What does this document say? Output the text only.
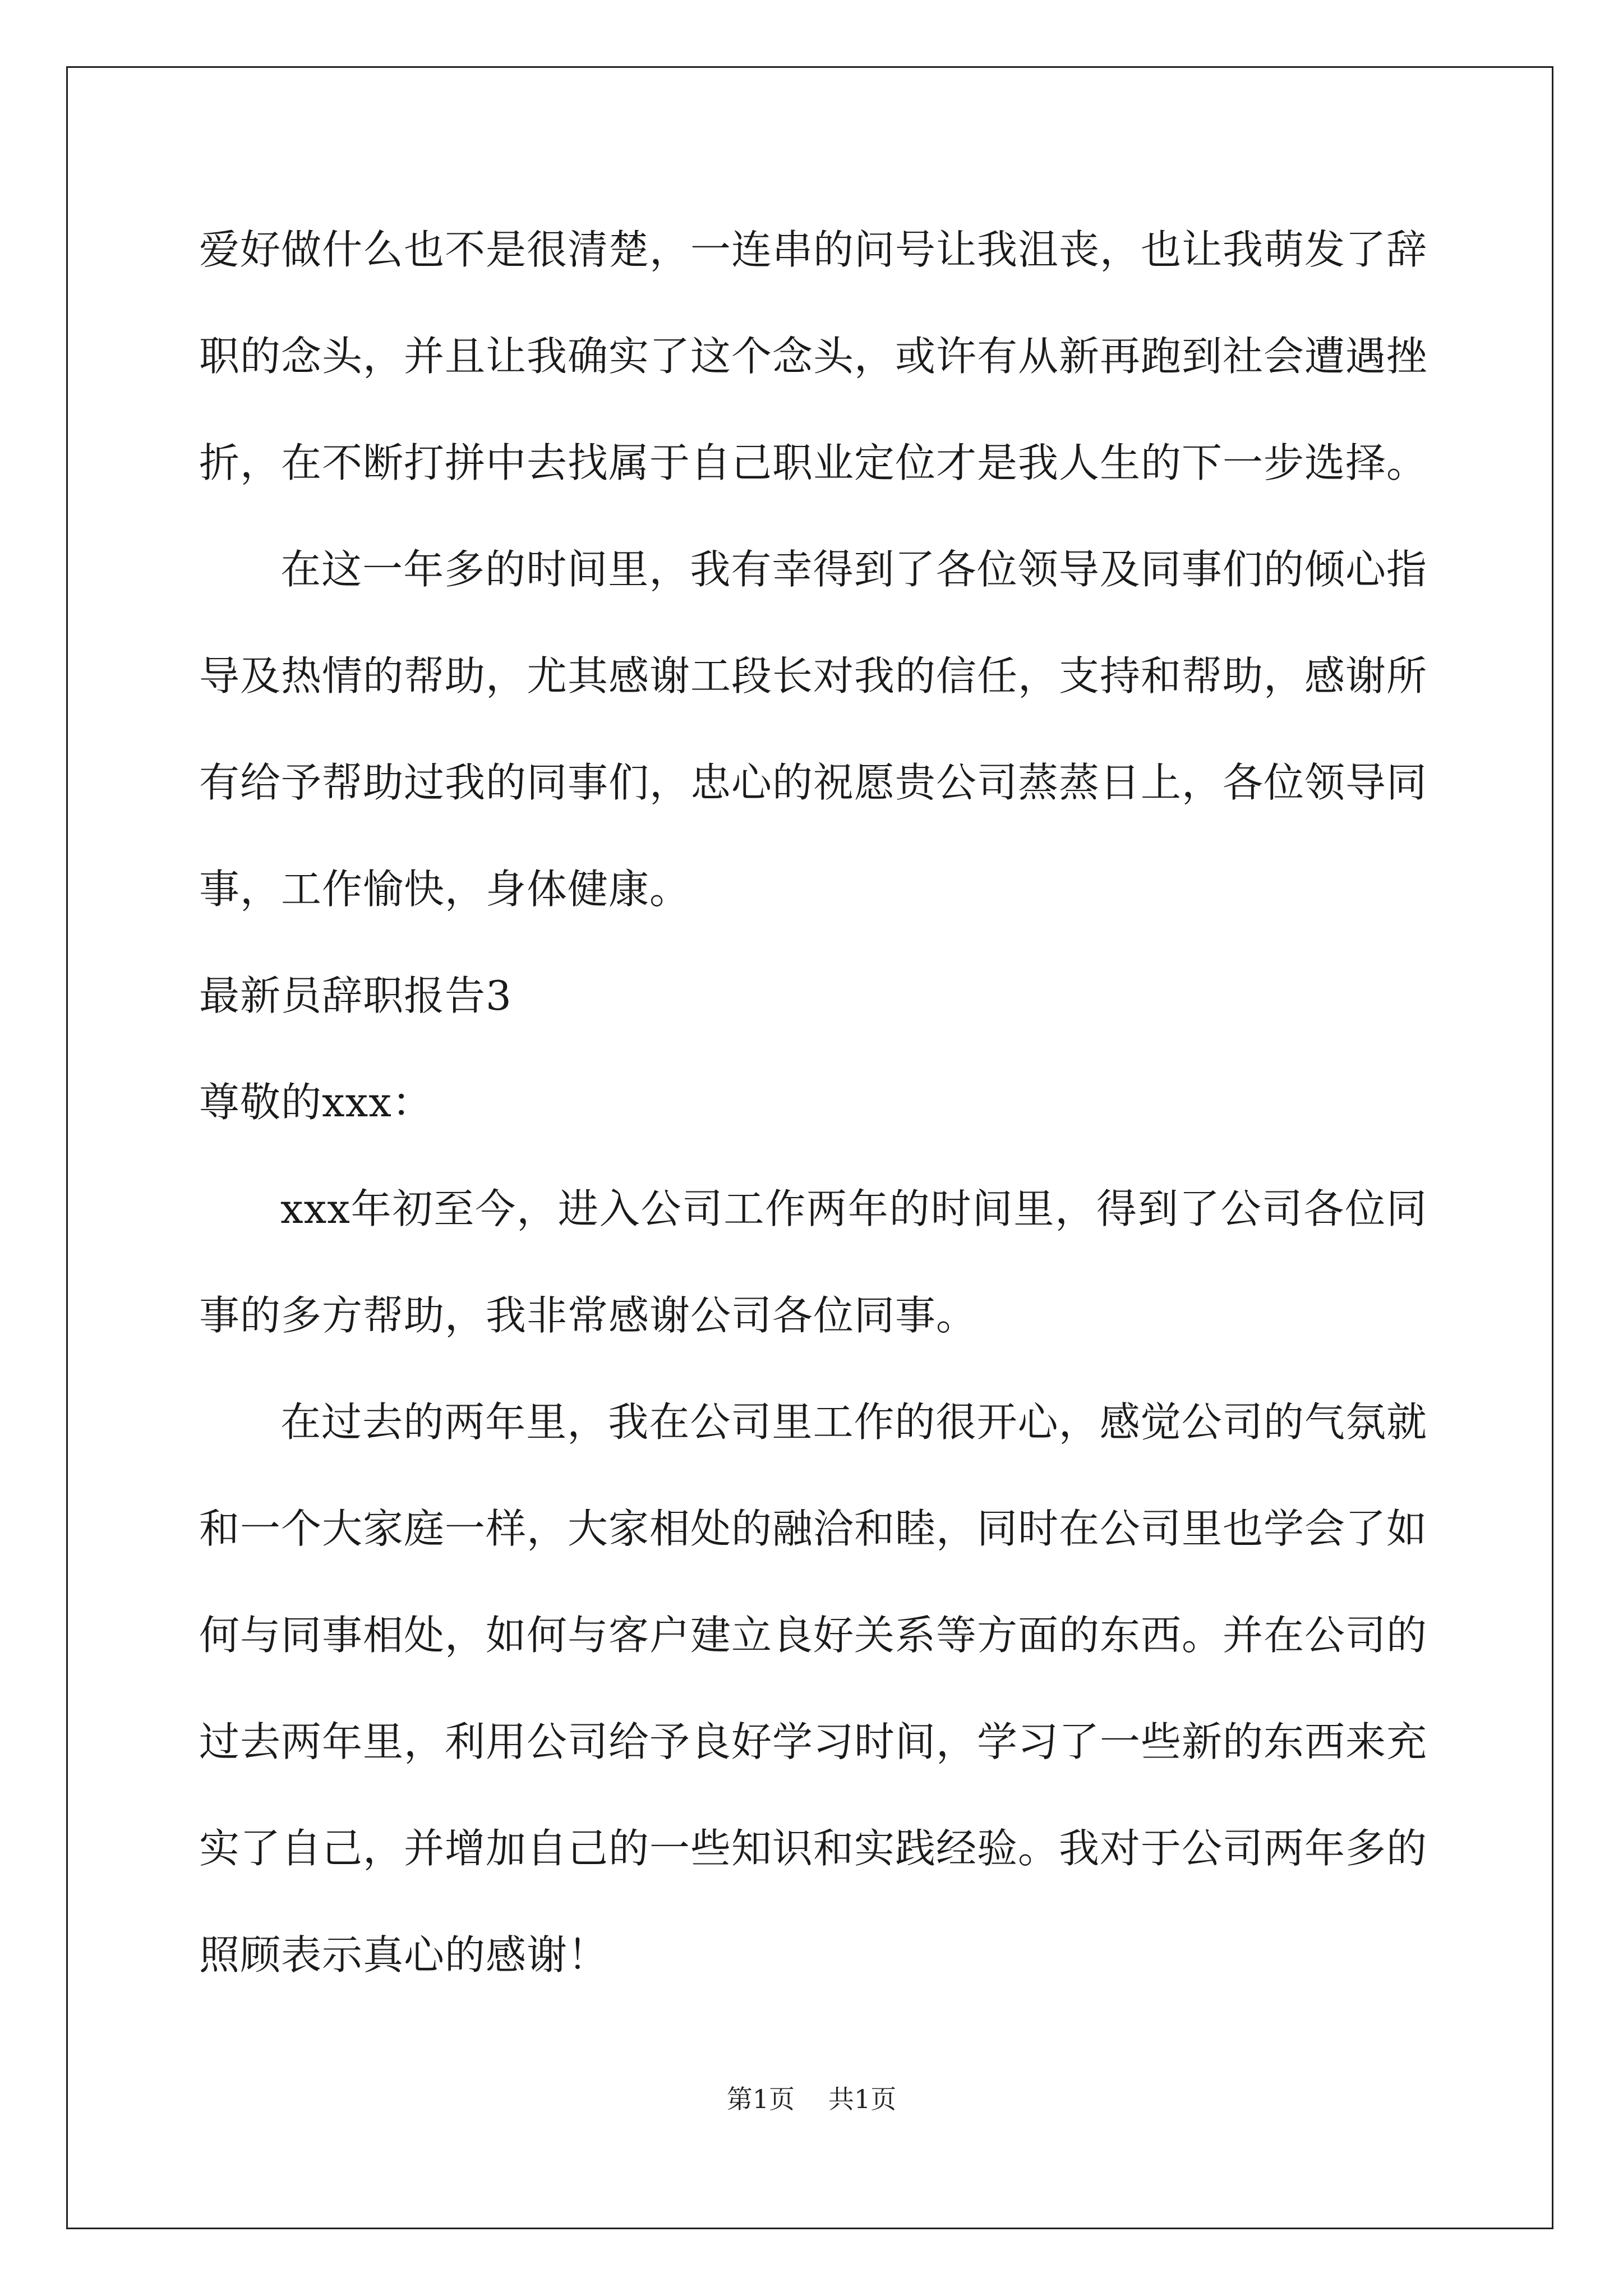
爱好做什么也不是很清楚，一连串的问号让我沮丧，也让我萌发了辞
职的念头，并且让我确实了这个念头，或许有从新再跑到社会遭遇挫
折，在不断打拼中去找属于自己职业定位才是我人生的下一步选择。
在这一年多的时间里，我有幸得到了各位领导及同事们的倾心指
导及热情的帮助，尤其感谢工段长对我的信任，支持和帮助，感谢所
有给予帮助过我的同事们，忠心的祝愿贵公司蒸蒸日上，各位领导同
事，工作愉快，身体健康。
最新员辞职报告3
尊敬的xxx：
xxx年初至今，进入公司工作两年的时间里，得到了公司各位同
事的多方帮助，我非常感谢公司各位同事。
在过去的两年里，我在公司里工作的很开心，感觉公司的气氛就
和一个大家庭一样，大家相处的融洽和睦，同时在公司里也学会了如
何与同事相处，如何与客户建立良好关系等方面的东西。并在公司的
过去两年里，利用公司给予良好学习时间，学习了一些新的东西来充
实了自己，并增加自己的一些知识和实践经验。我对于公司两年多的
照顾表示真心的感谢！
第1页 共1页
